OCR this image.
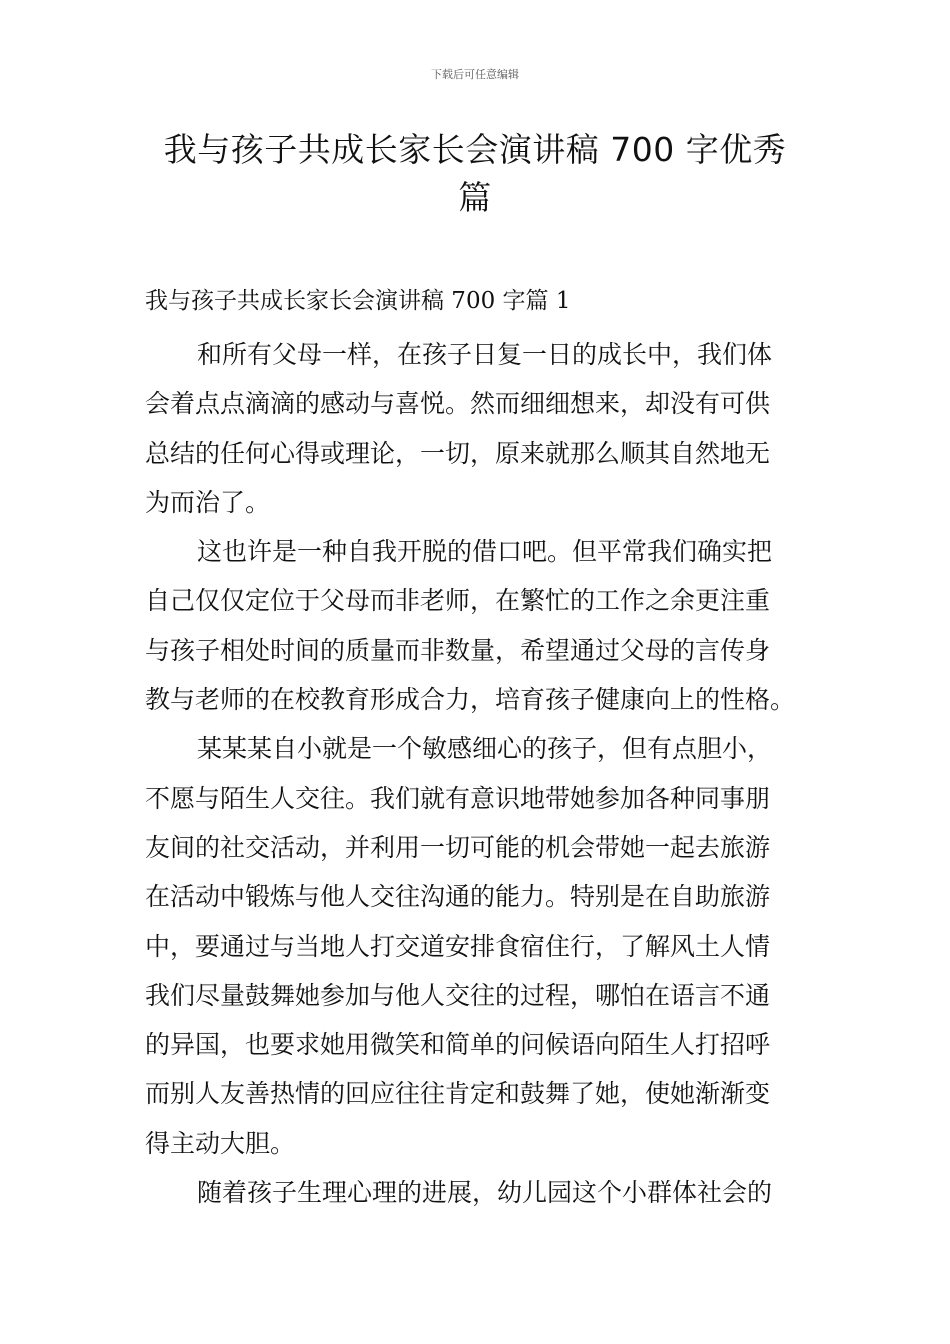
下载后可任意编辑
我与孩子共成长家长会演讲稿 700 字优秀
篇
我与孩子共成长家长会演讲稿 700 字篇 1
和所有父母一样，在孩子日复一日的成长中，我们体
会着点点滴滴的感动与喜悦。然而细细想来，却没有可供
总结的任何心得或理论，一切，原来就那么顺其自然地无
为而治了。
这也许是一种自我开脱的借口吧。但平常我们确实把
自己仅仅定位于父母而非老师，在繁忙的工作之余更注重
与孩子相处时间的质量而非数量，希望通过父母的言传身
教与老师的在校教育形成合力，培育孩子健康向上的性格。
某某某自小就是一个敏感细心的孩子，但有点胆小，
不愿与陌生人交往。我们就有意识地带她参加各种同事朋
友间的社交活动，并利用一切可能的机会带她一起去旅游
在活动中锻炼与他人交往沟通的能力。特别是在自助旅游
中，要通过与当地人打交道安排食宿住行，了解风土人情
我们尽量鼓舞她参加与他人交往的过程，哪怕在语言不通
的异国，也要求她用微笑和简单的问候语向陌生人打招呼
而别人友善热情的回应往往肯定和鼓舞了她，使她渐渐变
得主动大胆。
随着孩子生理心理的进展，幼儿园这个小群体社会的
